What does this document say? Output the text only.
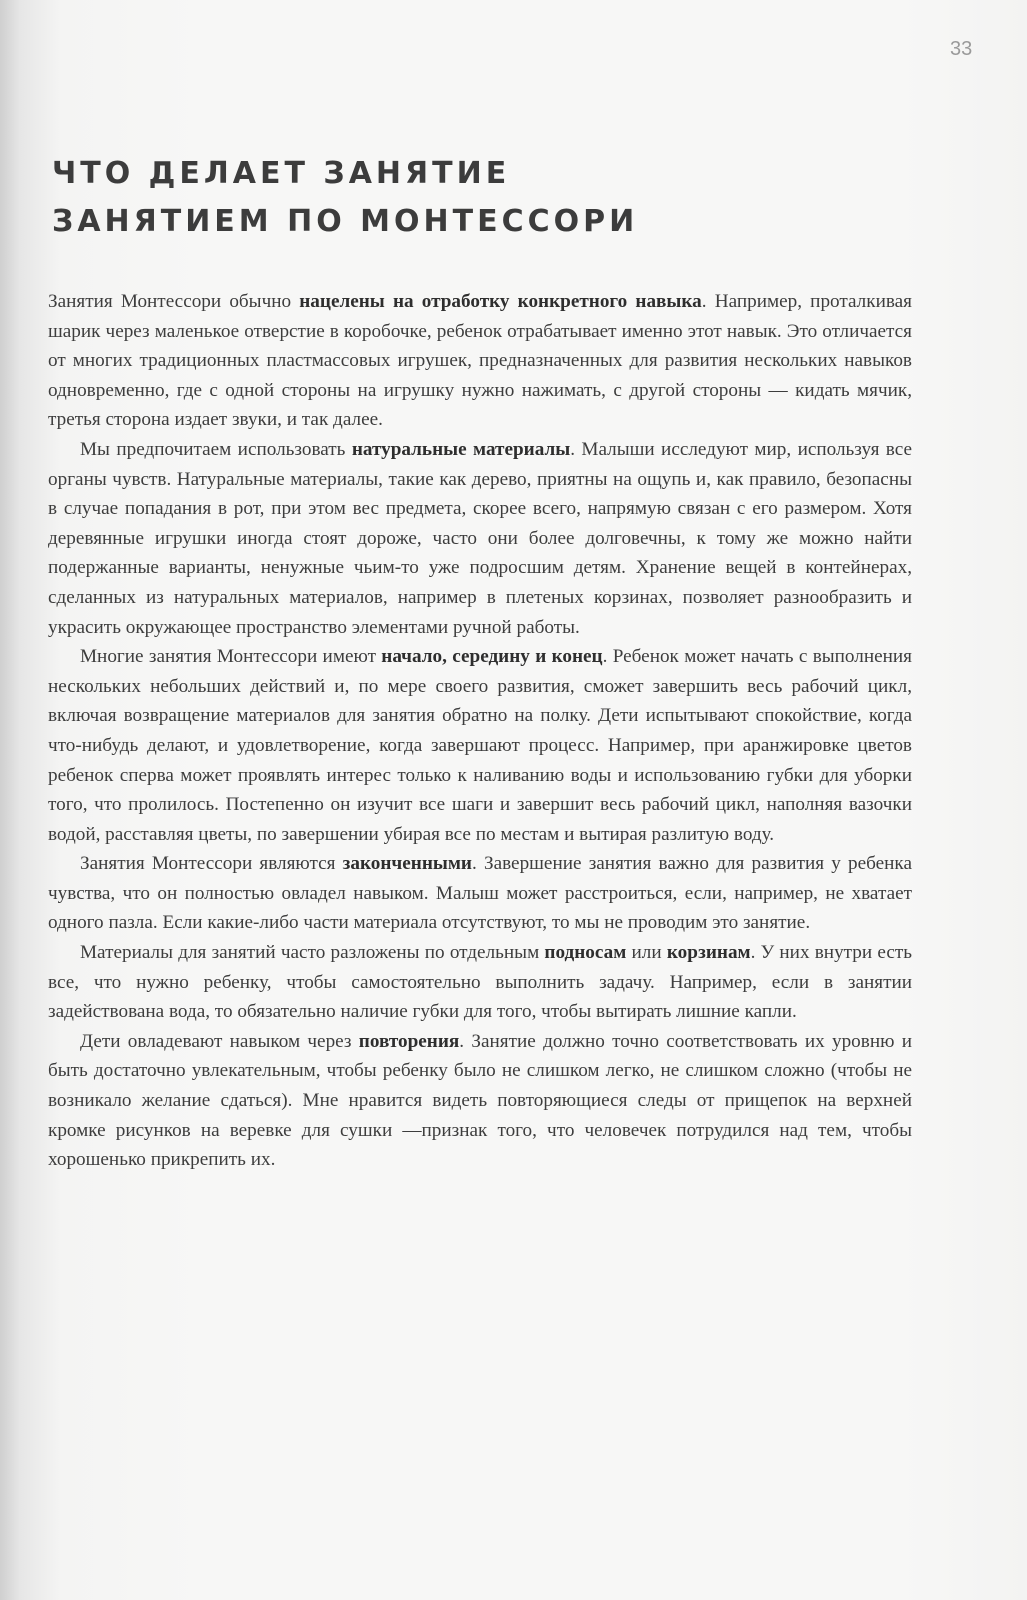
33
ЧТО ДЕЛАЕТ ЗАНЯТИЕ
ЗАНЯТИЕМ ПО МОНТЕССОРИ

Занятия Монтессори обычно нацелены на отработку конкретного навыка. Например, проталкивая шарик через маленькое отверстие в коробочке, ребенок отрабатывает именно этот навык. Это отличается от многих традиционных пластмассовых игрушек, предназначенных для развития нескольких навыков одновременно, где с одной стороны на игрушку нужно нажимать, с другой стороны — кидать мячик, третья сторона издает звуки, и так далее.

Мы предпочитаем использовать натуральные материалы. Малыши исследуют мир, используя все органы чувств. Натуральные материалы, такие как дерево, приятны на ощупь и, как правило, безопасны в случае попадания в рот, при этом вес предмета, скорее всего, напрямую связан с его размером. Хотя деревянные игрушки иногда стоят дороже, часто они более долговечны, к тому же можно найти подержанные варианты, ненужные чьим-то уже подросшим детям. Хранение вещей в контейнерах, сделанных из натуральных материалов, например в плетеных корзинах, позволяет разнообразить и украсить окружающее пространство элементами ручной работы.

Многие занятия Монтессори имеют начало, середину и конец. Ребенок может начать с выполнения нескольких небольших действий и, по мере своего развития, сможет завершить весь рабочий цикл, включая возвращение материалов для занятия обратно на полку. Дети испытывают спокойствие, когда что-нибудь делают, и удовлетворение, когда завершают процесс. Например, при аранжировке цветов ребенок сперва может проявлять интерес только к наливанию воды и использованию губки для уборки того, что пролилось. Постепенно он изучит все шаги и завершит весь рабочий цикл, наполняя вазочки водой, расставляя цветы, по завершении убирая все по местам и вытирая разлитую воду.

Занятия Монтессори являются законченными. Завершение занятия важно для развития у ребенка чувства, что он полностью овладел навыком. Малыш может расстроиться, если, например, не хватает одного пазла. Если какие-либо части материала отсутствуют, то мы не проводим это занятие.

Материалы для занятий часто разложены по отдельным подносам или корзинам. У них внутри есть все, что нужно ребенку, чтобы самостоятельно выполнить задачу. Например, если в занятии задействована вода, то обязательно наличие губки для того, чтобы вытирать лишние капли.

Дети овладевают навыком через повторения. Занятие должно точно соответствовать их уровню и быть достаточно увлекательным, чтобы ребенку было не слишком легко, не слишком сложно (чтобы не возникало желание сдаться). Мне нравится видеть повторяющиеся следы от прищепок на верхней кромке рисунков на веревке для сушки —признак того, что человечек потрудился над тем, чтобы хорошенько прикрепить их.
